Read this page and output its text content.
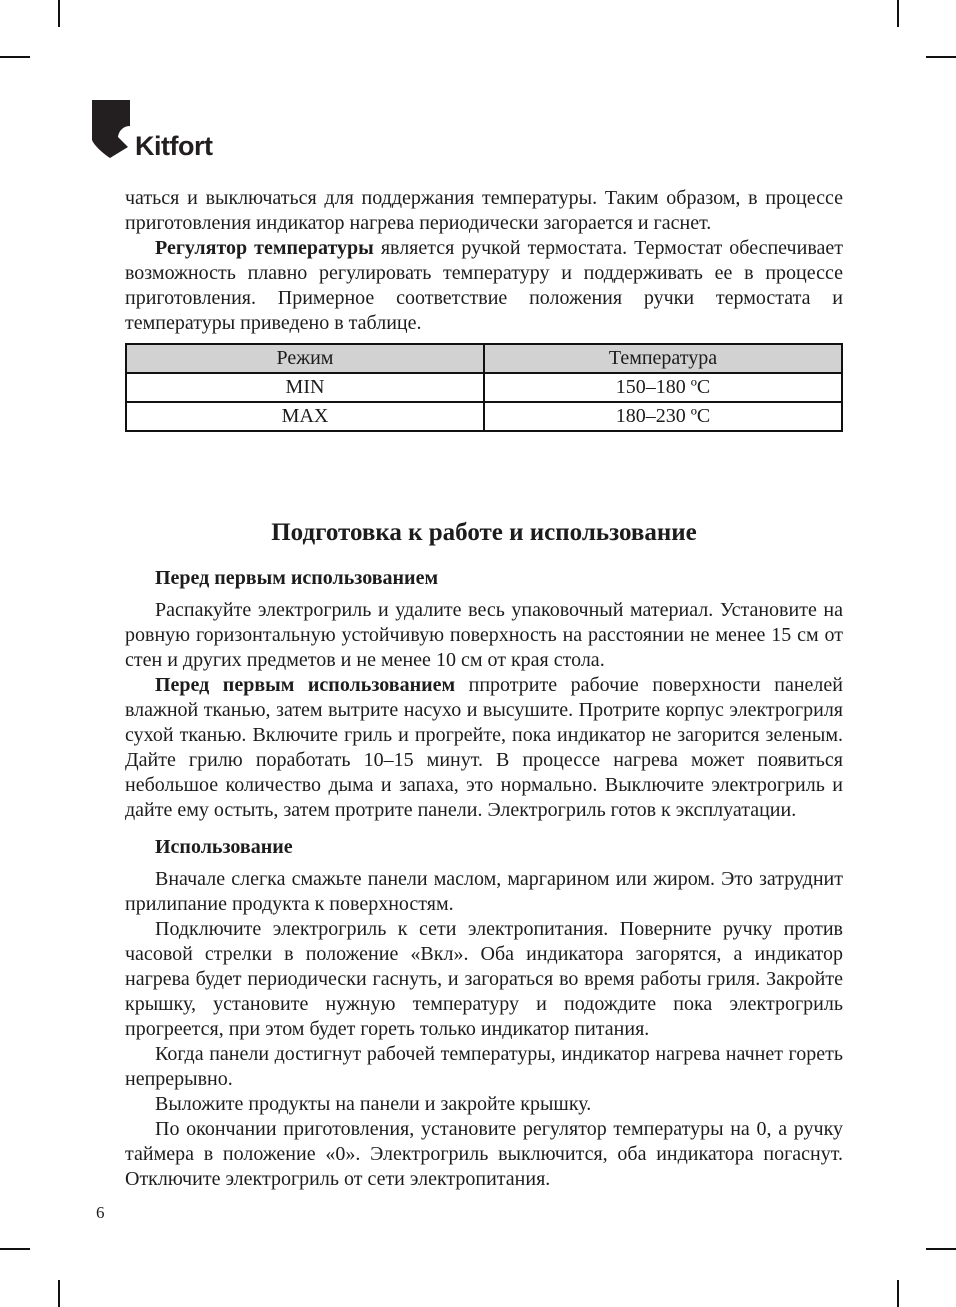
Kitfort

чаться и выключаться для поддержания температуры. Таким образом, в процессе приготовления индикатор нагрева периодически загорается и гаснет.

Регулятор температуры является ручкой термостата. Термостат обеспечивает возможность плавно регулировать температуру и поддерживать ее в процессе приготовления. Примерное соответствие положения ручки термостата и температуры приведено в таблице.

Режим	Температура
MIN	150–180 ºC
MAX	180–230 ºC
Подготовка к работе и использование
Перед первым использованием

Распакуйте электрогриль и удалите весь упаковочный материал. Установите на ровную горизонтальную устойчивую поверхность на расстоянии не менее 15 см от стен и других предметов и не менее 10 см от края стола.

Перед первым использованием ппротрите рабочие поверхности панелей влажной тканью, затем вытрите насухо и высушите. Протрите корпус электрогриля сухой тканью. Включите гриль и прогрейте, пока индикатор не загорится зеленым. Дайте грилю поработать 10–15 минут. В процессе нагрева может появиться небольшое количество дыма и запаха, это нормально. Выключите электрогриль и дайте ему остыть, затем протрите панели. Электрогриль готов к эксплуатации.

Использование

Вначале слегка смажьте панели маслом, маргарином или жиром. Это затруднит прилипание продукта к поверхностям.

Подключите электрогриль к сети электропитания. Поверните ручку против часовой стрелки в положение «Вкл». Оба индикатора загорятся, а индикатор нагрева будет периодически гаснуть, и загораться во время работы гриля. Закройте крышку, установите нужную температуру и подождите пока электрогриль прогреется, при этом будет гореть только индикатор питания.

Когда панели достигнут рабочей температуры, индикатор нагрева начнет гореть непрерывно.

Выложите продукты на панели и закройте крышку.

По окончании приготовления, установите регулятор температуры на 0, а ручку таймера в положение «0». Электрогриль выключится, оба индикатора погаснут. Отключите электрогриль от сети электропитания.

6
